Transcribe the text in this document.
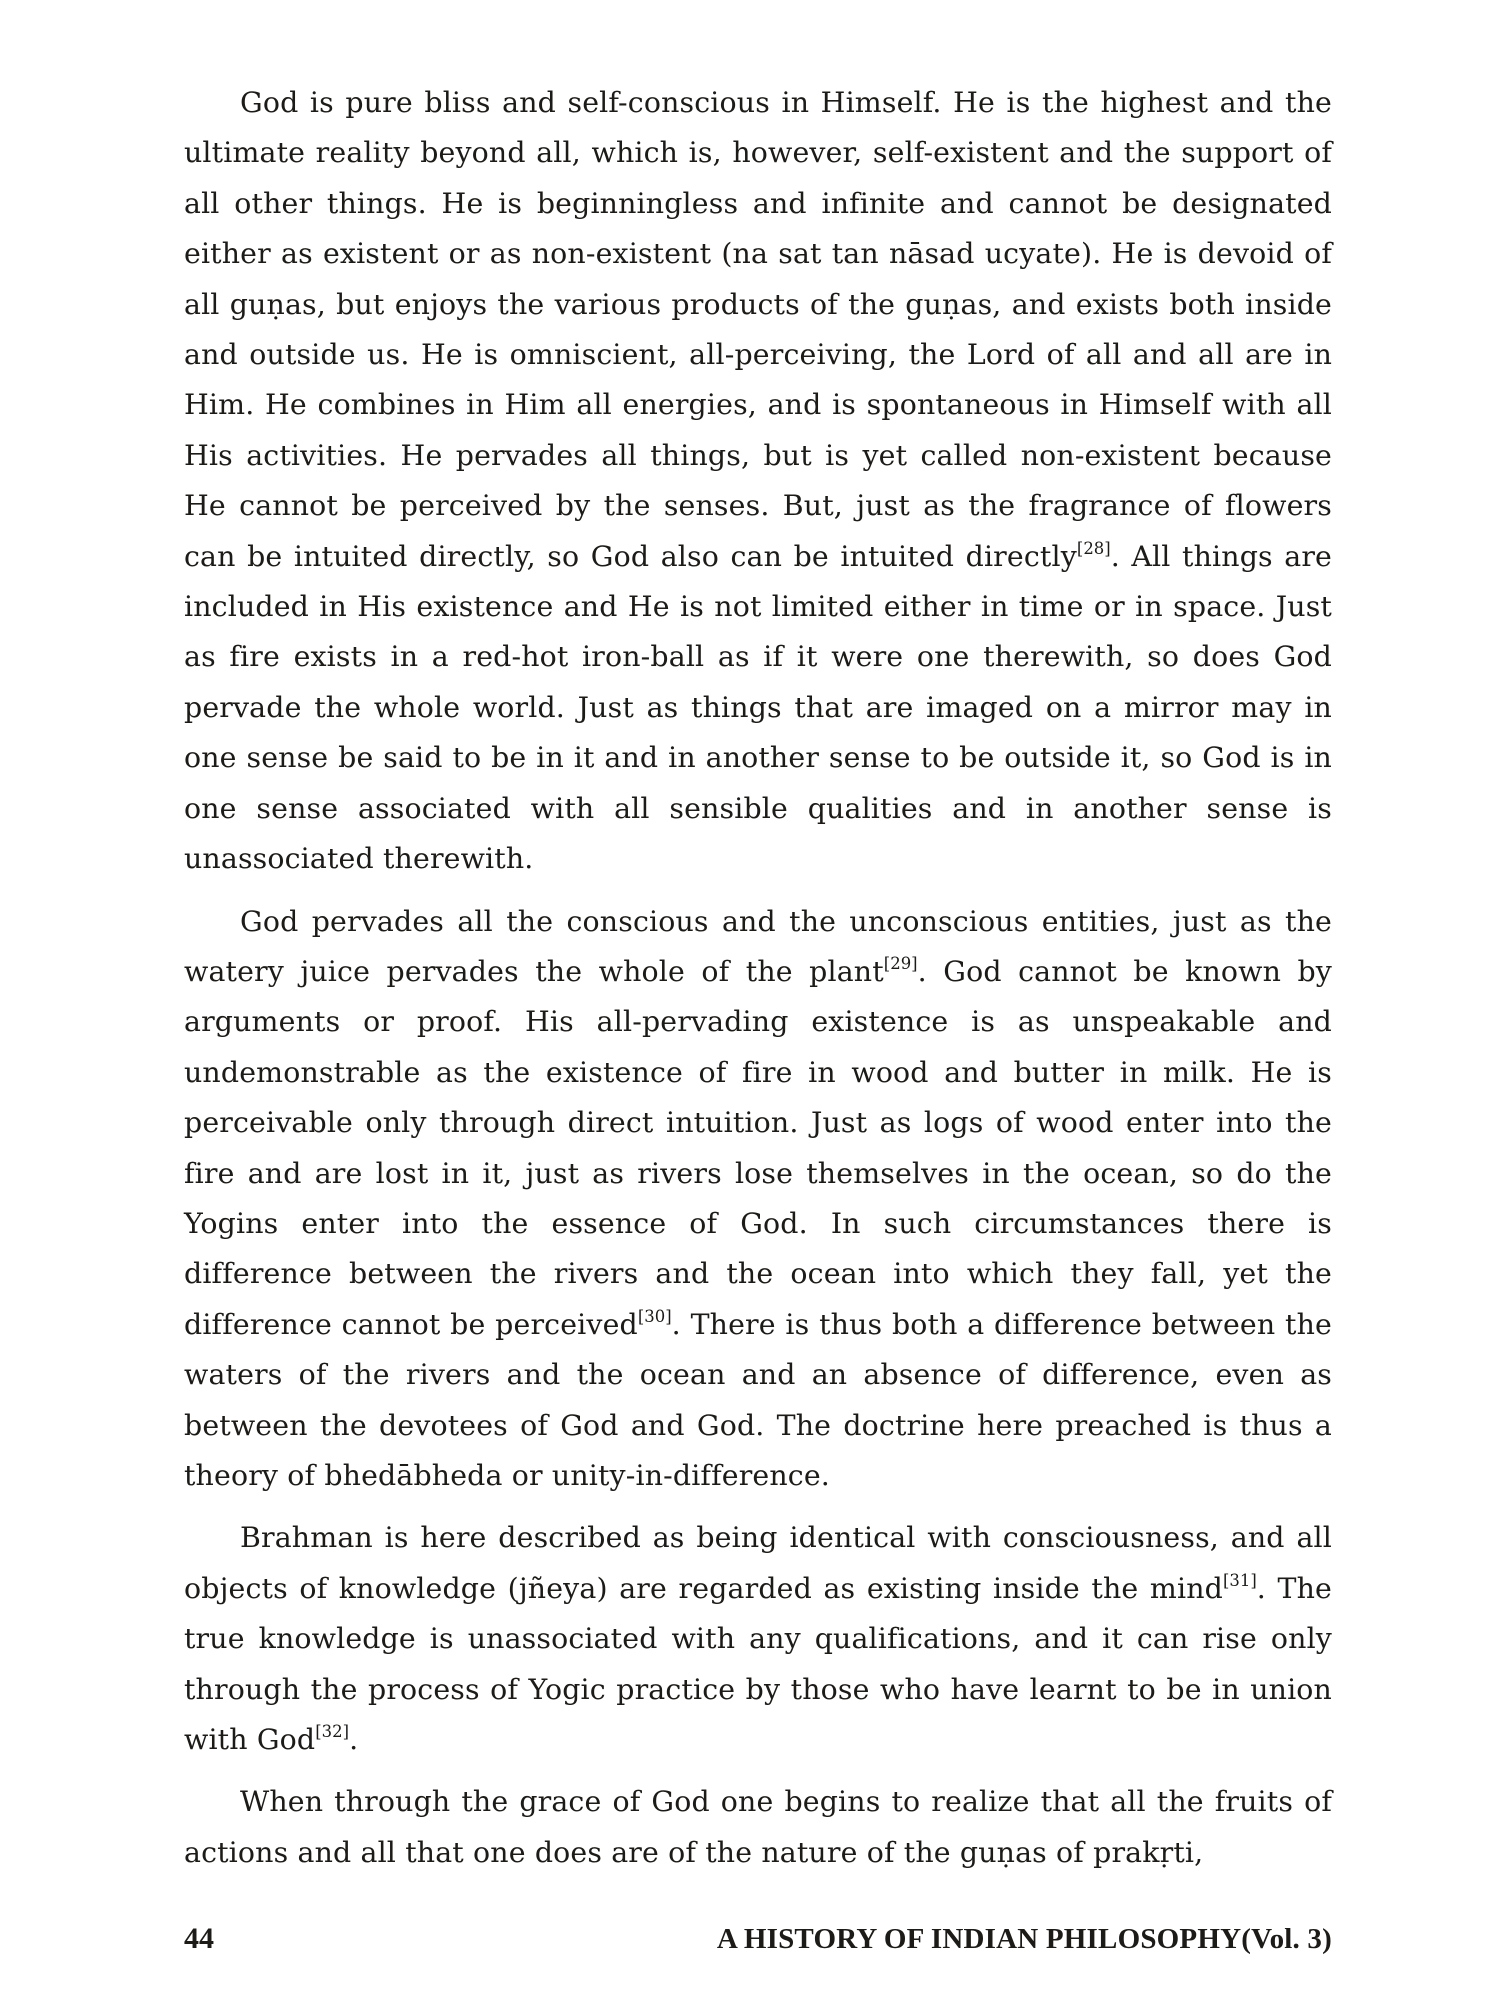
God is pure bliss and self-conscious in Himself. He is the highest and the ultimate reality beyond all, which is, however, self-existent and the support of all other things. He is beginningless and infinite and cannot be designated either as existent or as non-existent (na sat tan nāsad ucyate). He is devoid of all guṇas, but enjoys the various products of the guṇas, and exists both inside and outside us. He is omniscient, all-perceiving, the Lord of all and all are in Him. He combines in Him all energies, and is spontaneous in Himself with all His activities. He pervades all things, but is yet called non-existent because He cannot be perceived by the senses. But, just as the fragrance of flowers can be intuited directly, so God also can be intuited directly[28]. All things are included in His existence and He is not limited either in time or in space. Just as fire exists in a red-hot iron-ball as if it were one therewith, so does God pervade the whole world. Just as things that are imaged on a mirror may in one sense be said to be in it and in another sense to be outside it, so God is in one sense associated with all sensible qualities and in another sense is unassociated therewith.

God pervades all the conscious and the unconscious entities, just as the watery juice pervades the whole of the plant[29]. God cannot be known by arguments or proof. His all-pervading existence is as unspeakable and undemonstrable as the existence of fire in wood and butter in milk. He is perceivable only through direct intuition. Just as logs of wood enter into the fire and are lost in it, just as rivers lose themselves in the ocean, so do the Yogins enter into the essence of God. In such circumstances there is difference between the rivers and the ocean into which they fall, yet the difference cannot be perceived[30]. There is thus both a difference between the waters of the rivers and the ocean and an absence of difference, even as between the devotees of God and God. The doctrine here preached is thus a theory of bhedābheda or unity-in-difference.

Brahman is here described as being identical with consciousness, and all objects of knowledge (jñeya) are regarded as existing inside the mind[31]. The true knowledge is unassociated with any qualifications, and it can rise only through the process of Yogic practice by those who have learnt to be in union with God[32].

When through the grace of God one begins to realize that all the fruits of actions and all that one does are of the nature of the guṇas of prakṛti,

44	A HISTORY OF INDIAN PHILOSOPHY(Vol. 3)
